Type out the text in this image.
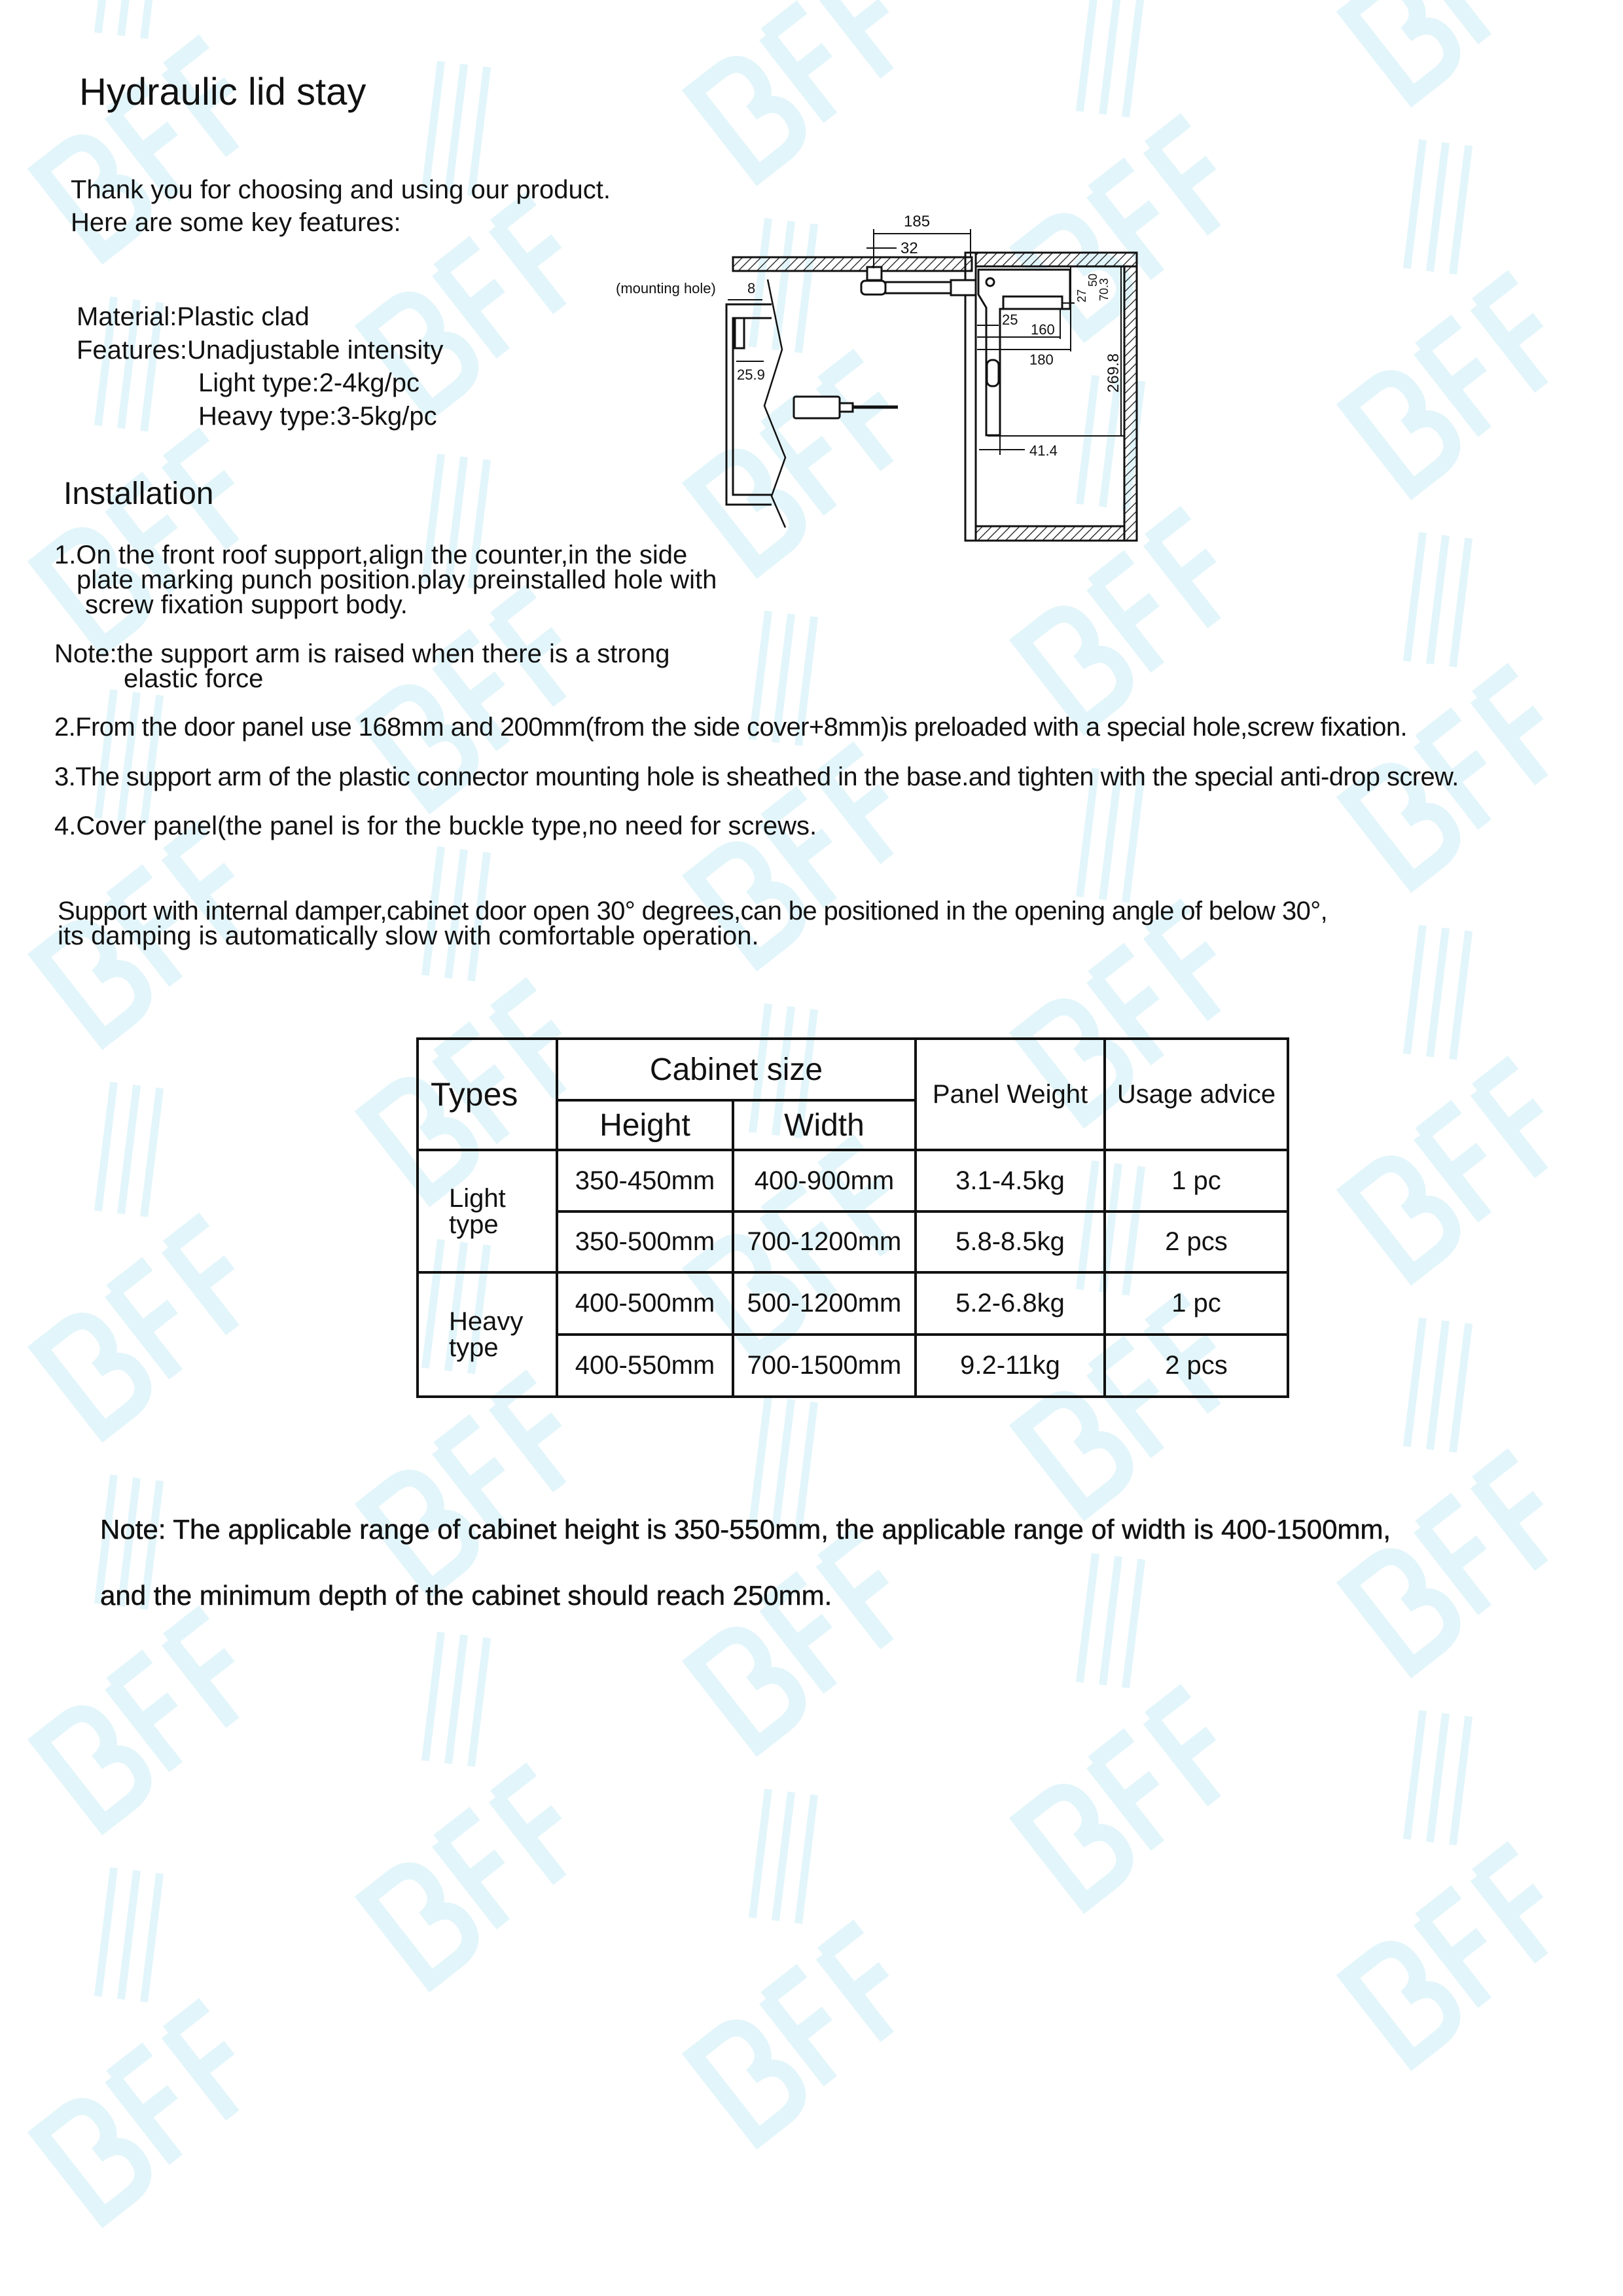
Hydraulic lid stay
Thank you for choosing and using our product.
Here are some key features:
Material:Plastic clad
Features:Unadjustable intensity
Light type:2-4kg/pc
Heavy type:3-5kg/pc
Installation
1.On the front roof support,align the counter,in the side
plate marking punch position.play preinstalled hole with
screw fixation support body.
Note:the support arm is raised when there is a strong
elastic force
2.From the door panel use 168mm and 200mm(from the side cover+8mm)is preloaded with a special hole,screw fixation.
3.The support arm of the plastic connector mounting hole is sheathed in the base.and tighten with the special anti-drop screw.
4.Cover panel(the panel is for the buckle type,no need for screws.
Support with internal damper,cabinet door open 30° degrees,can be positioned in the opening angle of below 30°,
its damping is automatically slow with comfortable operation.
185
32
(mounting hole) 8
25.9
25
160
180
41.4
269.8
27
50
70.3
Types	Cabinet size		Panel Weight	Usage advice
	Height	Width		
Light
type	350-450mm	400-900mm	3.1-4.5kg	1 pc
	350-500mm	700-1200mm	5.8-8.5kg	2 pcs
Heavy
type	400-500mm	500-1200mm	5.2-6.8kg	1 pc
	400-550mm	700-1500mm	9.2-11kg	2 pcs
Note: The applicable range of cabinet height is 350-550mm, the applicable range of width is 400-1500mm,
and the minimum depth of the cabinet should reach 250mm.
